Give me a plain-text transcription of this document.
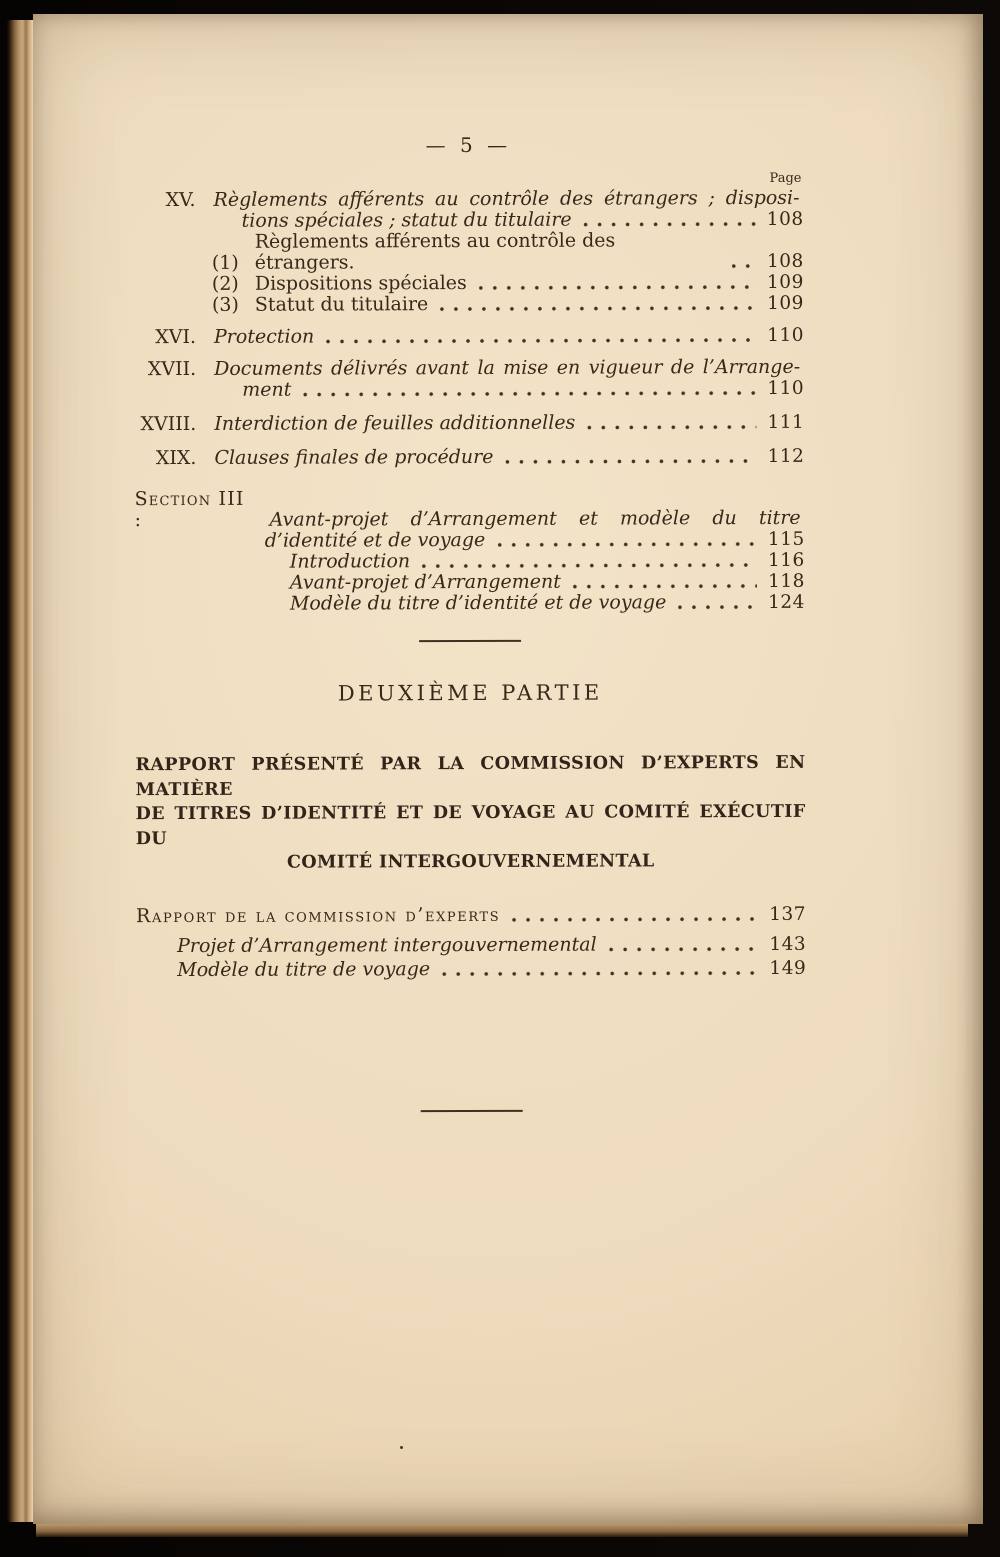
— 5 —
Page
XV. Règlements afférents au contrôle des étrangers ; disposi-
tions spéciales ; statut du titulaire	108
(1)
Règlements afférents au contrôle des étrangers.	108
(2) Dispositions spéciales	109
(3) Statut du titulaire	109
XVI. Protection	110
XVII. Documents délivrés avant la mise en vigueur de l’Arrange-
ment	110
XVIII. Interdiction de feuilles additionnelles	111
XIX. Clauses finales de procédure	112
Section III :	Avant-projet d’Arrangement et modèle du titre
d’identité et de voyage	115
Introduction	116
Avant-projet d’Arrangement	118
Modèle du titre d’identité et de voyage	124
DEUXIÈME PARTIE
RAPPORT PRÉSENTÉ PAR LA COMMISSION D’EXPERTS EN MATIÈRE
DE TITRES D’IDENTITÉ ET DE VOYAGE AU COMITÉ EXÉCUTIF DU
COMITÉ INTERGOUVERNEMENTAL
Rapport de la commission d’experts	137
Projet d’Arrangement intergouvernemental	143
Modèle du titre de voyage	149
